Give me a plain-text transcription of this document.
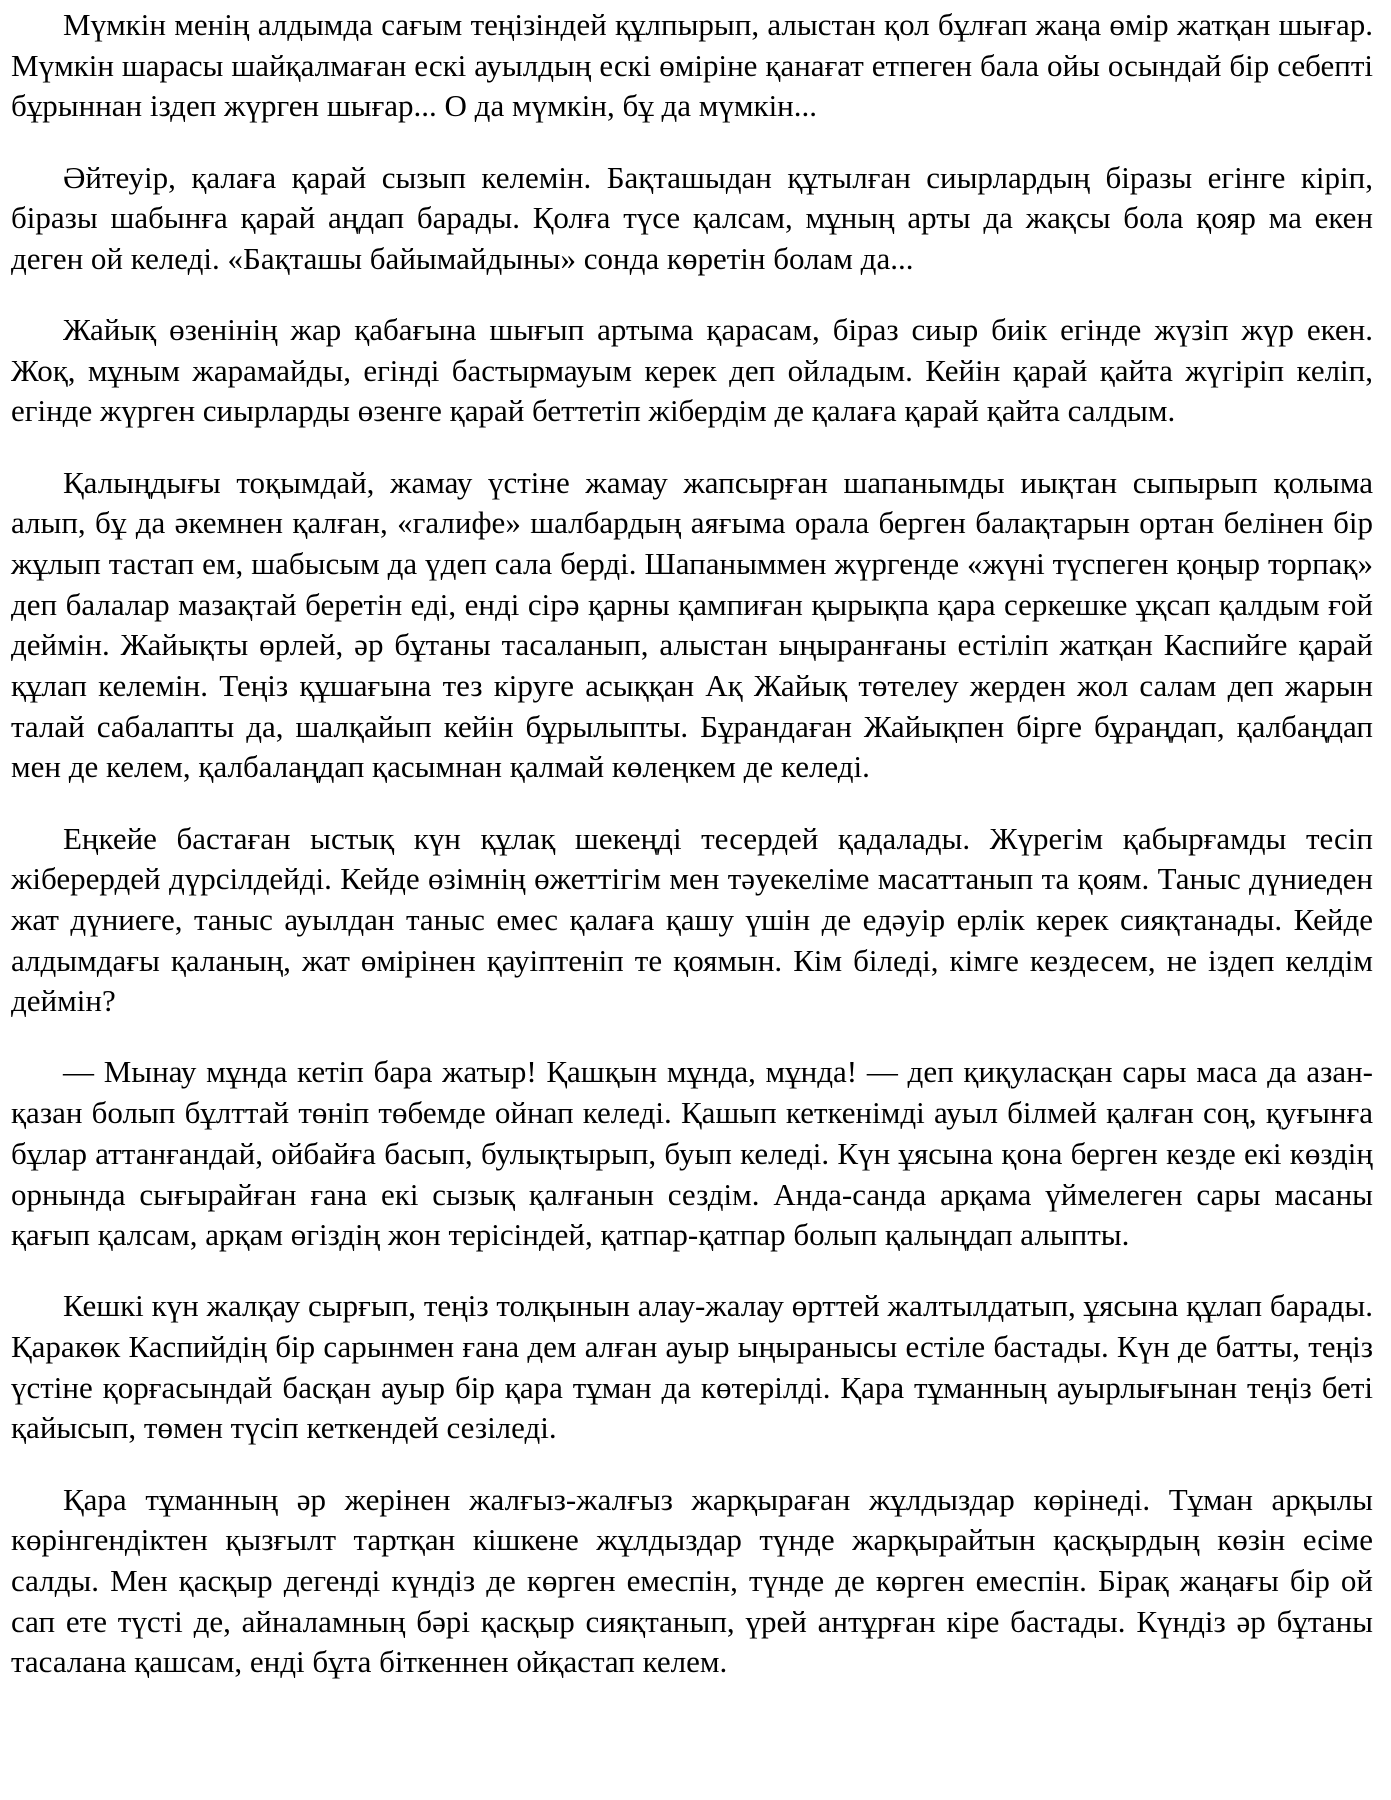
Мүмкін менің алдымда сағым теңізіндей құлпырып, алыстан қол бұлғап жаңа өмір жатқан шығар. Мүмкін шарасы шайқалмаған ескі ауылдың ескі өміріне қанағат етпеген бала ойы осындай бір себепті бұрыннан іздеп жүрген шығар... О да мүмкін, бұ да мүмкін...

Әйтеуір, қалаға қарай сызып келемін. Бақташыдан құтылған сиырлардың біразы егінге кіріп, біразы шабынға қарай аңдап барады. Қолға түсе қалсам, мұның арты да жақсы бола қояр ма екен деген ой келеді. «Бақташы байымайдыны» сонда көретін болам да...

Жайық өзенінің жар қабағына шығып артыма қарасам, біраз сиыр биік егінде жүзіп жүр екен. Жоқ, мұным жарамайды, егінді бастырмауым керек деп ойладым. Кейін қарай қайта жүгіріп келіп, егінде жүрген сиырларды өзенге қарай беттетіп жібердім де қалаға қарай қайта салдым.

Қалыңдығы тоқымдай, жамау үстіне жамау жапсырған шапанымды иықтан сыпырып қолыма алып, бұ да әкемнен қалған, «галифе» шалбардың аяғыма орала берген балақтарын ортан белінен бір жұлып тастап ем, шабысым да үдеп сала берді. Шапаныммен жүргенде «жүні түспеген қоңыр торпақ» деп балалар мазақтай беретін еді, енді сірә қарны қампиған қырықпа қара серкешке ұқсап қалдым ғой деймін. Жайықты өрлей, әр бұтаны тасаланып, алыстан ыңыранғаны естіліп жатқан Каспийге қарай құлап келемін. Теңіз құшағына тез кіруге асыққан Ақ Жайық төтелеу жерден жол салам деп жарын талай сабалапты да, шалқайып кейін бұрылыпты. Бұрандаған Жайықпен бірге бұраңдап, қалбаңдап мен де келем, қалбалаңдап қасымнан қалмай көлеңкем де келеді.

Еңкейе бастаған ыстық күн құлақ шекеңді тесердей қадалады. Жүрегім қабырғамды тесіп жіберердей дүрсілдейді. Кейде өзімнің өжеттігім мен тәуекеліме масаттанып та қоям. Таныс дүниеден жат дүниеге, таныс ауылдан таныс емес қалаға қашу үшін де едәуір ерлік керек сияқтанады. Кейде алдымдағы қаланың, жат өмірінен қауіптеніп те қоямын. Кім біледі, кімге кездесем, не іздеп келдім деймін?

— Мынау мұнда кетіп бара жатыр! Қашқын мұнда, мұнда! — деп қиқуласқан сары маса да азан-қазан болып бұлттай төніп төбемде ойнап келеді. Қашып кеткенімді ауыл білмей қалған соң, қуғынға бұлар аттанғандай, ойбайға басып, булықтырып, буып келеді. Күн ұясына қона берген кезде екі көздің орнында сығырайған ғана екі сызық қалғанын сездім. Анда-санда арқама үймелеген сары масаны қағып қалсам, арқам өгіздің жон терісіндей, қатпар-қатпар болып қалыңдап алыпты.

Кешкі күн жалқау сырғып, теңіз толқынын алау-жалау өрттей жалтылдатып, ұясына құлап барады. Қаракөк Каспийдің бір сарынмен ғана дем алған ауыр ыңыранысы естіле бастады. Күн де батты, теңіз үстіне қорғасындай басқан ауыр бір қара тұман да көтерілді. Қара тұманның ауырлығынан теңіз беті қайысып, төмен түсіп кеткендей сезіледі.

Қара тұманның әр жерінен жалғыз-жалғыз жарқыраған жұлдыздар көрінеді. Тұман арқылы көрінгендіктен қызғылт тартқан кішкене жұлдыздар түнде жарқырайтын қасқырдың көзін есіме салды. Мен қасқыр дегенді күндіз де көрген емеспін, түнде де көрген емеспін. Бірақ жаңағы бір ой сап ете түсті де, айналамның бәрі қасқыр сияқтанып, үрей антұрған кіре бастады. Күндіз әр бұтаны тасалана қашсам, енді бұта біткеннен ойқастап келем.
